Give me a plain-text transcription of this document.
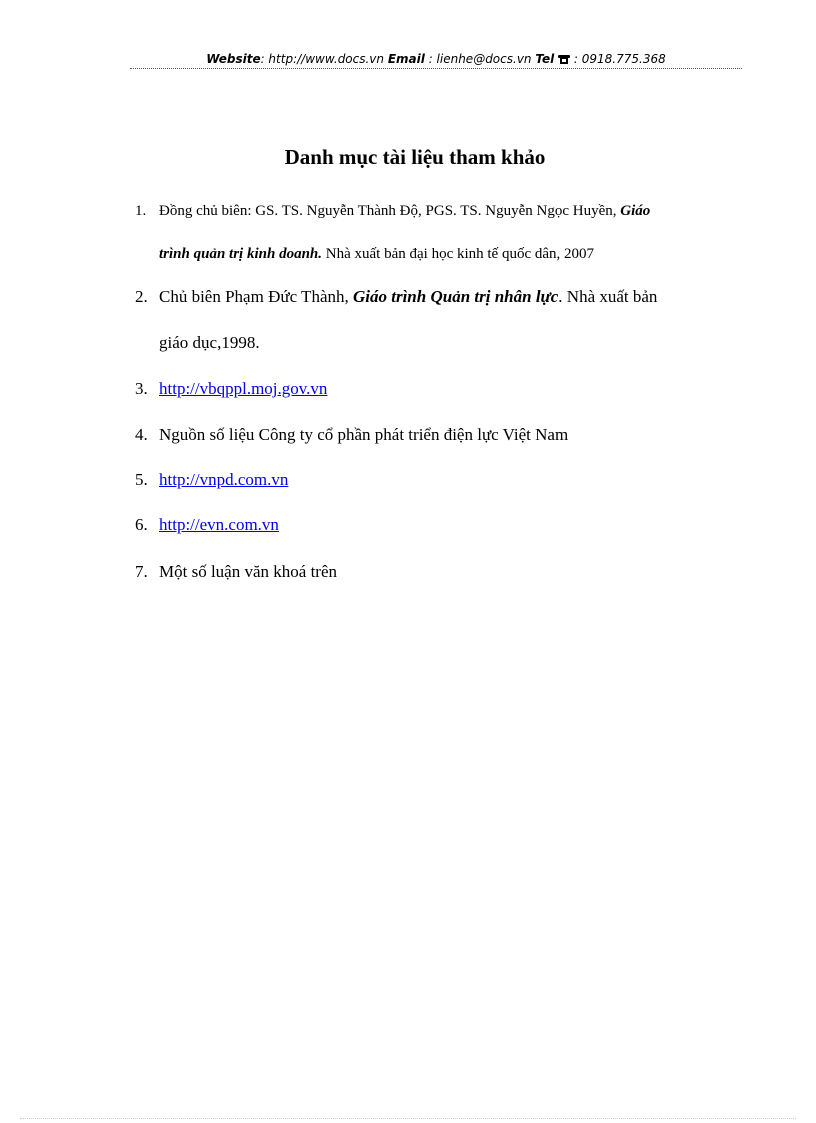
Website: http://www.docs.vn Email : lienhe@docs.vn Tel : 0918.775.368
Danh mục tài liệu tham khảo
1. Đồng chủ biên: GS. TS. Nguyễn Thành Độ, PGS. TS. Nguyễn Ngọc Huyền, Giáo
trình quản trị kinh doanh. Nhà xuất bản đại học kinh tế quốc dân, 2007
2. Chủ biên Phạm Đức Thành, Giáo trình Quản trị nhân lực. Nhà xuất bản
giáo dục,1998.
3. http://vbqppl.moj.gov.vn
4. Nguồn số liệu Công ty cổ phần phát triển điện lực Việt Nam
5. http://vnpd.com.vn
6. http://evn.com.vn
7. Một số luận văn khoá trên
